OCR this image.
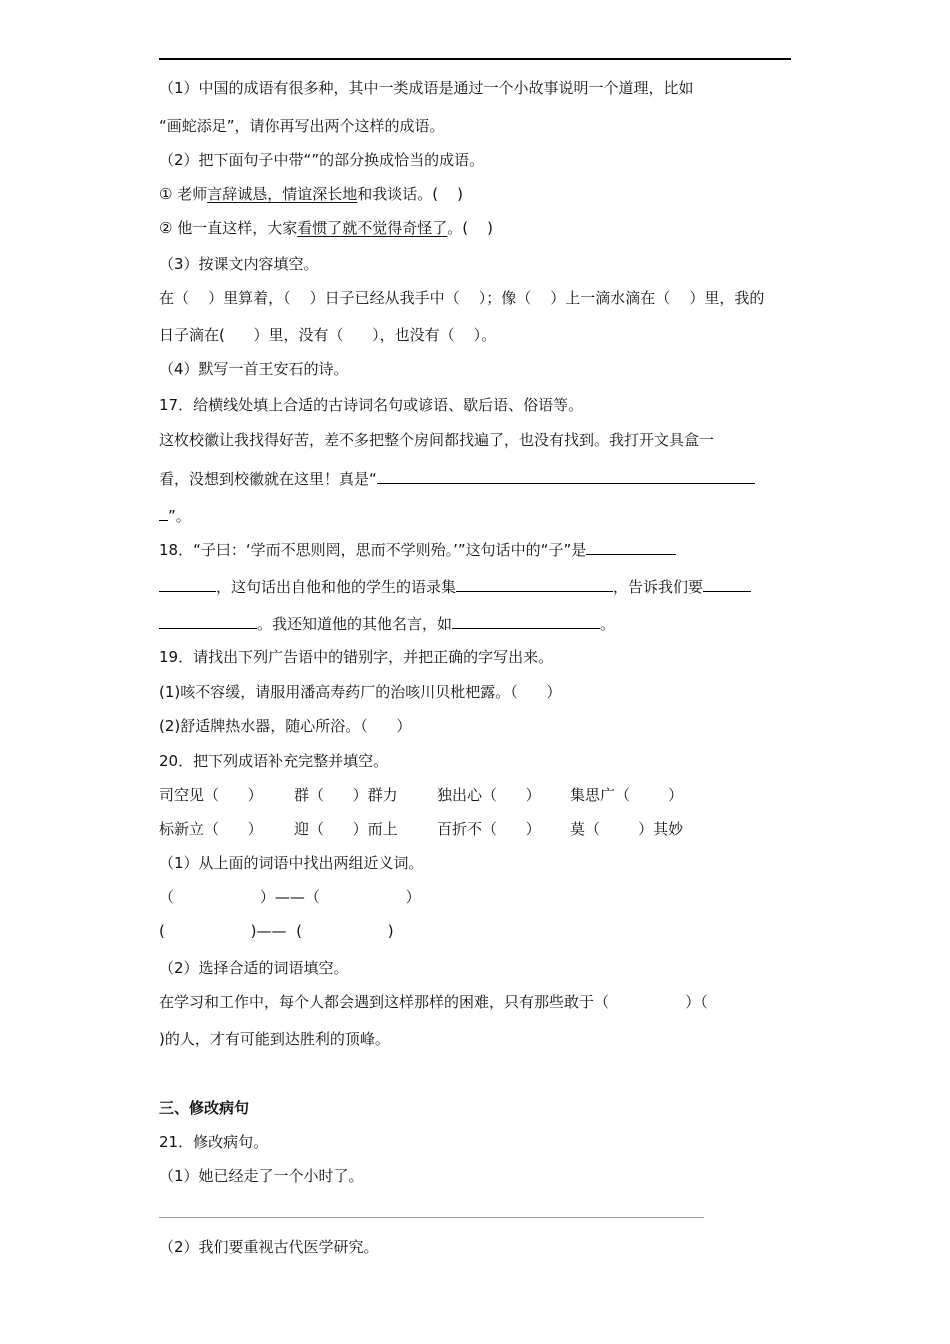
（1）中国的成语有很多种，其中一类成语是通过一个小故事说明一个道理，比如
“画蛇添足”，请你再写出两个这样的成语。
（2）把下面句子中带“”的部分换成恰当的成语。
① 老师言辞诚恳，情谊深长地和我谈话。(    )
② 他一直这样，大家看惯了就不觉得奇怪了。(    )
（3）按课文内容填空。
在（    ）里算着，（    ）日子已经从我手中（    ）；像（    ）上一滴水滴在（    ）里，我的
日子滴在(      ）里，没有（      ），也没有（    ）。
（4）默写一首王安石的诗。
17．给横线处填上合适的古诗词名句或谚语、歇后语、俗语等。
这枚校徽让我找得好苦，差不多把整个房间都找遍了，也没有找到。我打开文具盒一
看，没想到校徽就在这里！真是“
”。
18．“子曰：‘学而不思则罔，思而不学则殆。’”这句话中的“子”是
，这句话出自他和他的学生的语录集	，告诉我们要
。我还知道他的其他名言，如	。
19．请找出下列广告语中的错别字，并把正确的字写出来。
(1)咳不容缓，请服用潘高寿药厂的治咳川贝枇杷露。（      ）
(2)舒适牌热水器，随心所浴。（      ）
20．把下列成语补充完整并填空。
司空见（      ） 群（      ）群力	独出心（      ） 集思广（        ）
标新立（      ） 迎（      ）而上	百折不（      ） 莫（        ）其妙
（1）从上面的词语中找出两组近义词。
（                  ）——（                  ）
(                  )——  (                  )
（2）选择合适的词语填空。
在学习和工作中，每个人都会遇到这样那样的困难，只有那些敢于（                ）（
)的人，才有可能到达胜利的顶峰。
三、修改病句
21．修改病句。
（1）她已经走了一个小时了。
（2）我们要重视古代医学研究。
